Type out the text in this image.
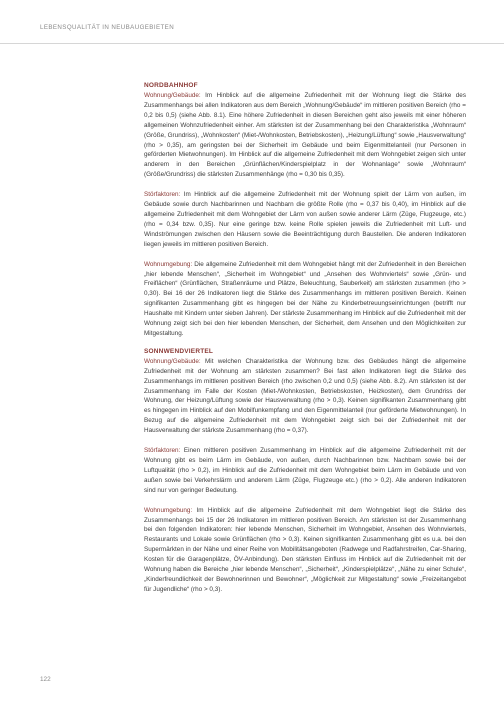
LEBENSQUALITÄT IN NEUBAUGEBIETEN
NORDBAHNHOF

Wohnung/Gebäude: Im Hinblick auf die allgemeine Zufriedenheit mit der Wohnung liegt die Stärke des Zusammenhangs bei allen Indikatoren aus dem Bereich „Wohnung/Gebäude“ im mittleren positiven Bereich (rho = 0,2 bis 0,5) (siehe Abb. 8.1). Eine höhere Zufriedenheit in diesen Bereichen geht also jeweils mit einer höheren allgemeinen Wohnzufriedenheit einher. Am stärksten ist der Zusammenhang bei den Charakteristika „Wohnraum“ (Größe, Grundriss), „Wohnkosten“ (Miet-/Wohnkosten, Betriebskosten), „Heizung/Lüftung“ sowie „Hausverwaltung“ (rho > 0,35), am geringsten bei der Sicherheit im Gebäude und beim Eigenmittelanteil (nur Personen in geförderten Mietwohnungen). Im Hinblick auf die allgemeine Zufriedenheit mit dem Wohngebiet zeigen sich unter anderem in den Bereichen „Grünflächen/Kinderspielplatz in der Wohnanlage“ sowie „Wohnraum“ (Größe/Grundriss) die stärksten Zusammenhänge (rho = 0,30 bis 0,35).

Störfaktoren: Im Hinblick auf die allgemeine Zufriedenheit mit der Wohnung spielt der Lärm von außen, im Gebäude sowie durch Nachbarinnen und Nachbarn die größte Rolle (rho = 0,37 bis 0,40), im Hinblick auf die allgemeine Zufriedenheit mit dem Wohngebiet der Lärm von außen sowie anderer Lärm (Züge, Flugzeuge, etc.) (rho = 0,34 bzw. 0,35). Nur eine geringe bzw. keine Rolle spielen jeweils die Zufriedenheit mit Luft- und Windströmungen zwischen den Häusern sowie die Beeinträchtigung durch Baustellen. Die anderen Indikatoren liegen jeweils im mittleren positiven Bereich.

Wohnumgebung: Die allgemeine Zufriedenheit mit dem Wohngebiet hängt mit der Zufriedenheit in den Bereichen „hier lebende Menschen“, „Sicherheit im Wohngebiet“ und „Ansehen des Wohnviertels“ sowie „Grün- und Freiflächen“ (Grünflächen, Straßenräume und Plätze, Beleuchtung, Sauberkeit) am stärksten zusammen (rho > 0,30). Bei 16 der 26 Indikatoren liegt die Stärke des Zusammenhangs im mittleren positiven Bereich. Keinen signifikanten Zusammenhang gibt es hingegen bei der Nähe zu Kinderbetreuungseinrichtungen (betrifft nur Haushalte mit Kindern unter sieben Jahren). Der stärkste Zusammenhang im Hinblick auf die Zufriedenheit mit der Wohnung zeigt sich bei den hier lebenden Menschen, der Sicherheit, dem Ansehen und den Möglichkeiten zur Mitgestaltung.

SONNWENDVIERTEL

Wohnung/Gebäude: Mit welchen Charakteristika der Wohnung bzw. des Gebäudes hängt die allgemeine Zufriedenheit mit der Wohnung am stärksten zusammen? Bei fast allen Indikatoren liegt die Stärke des Zusammenhangs im mittleren positiven Bereich (rho zwischen 0,2 und 0,5) (siehe Abb. 8.2). Am stärksten ist der Zusammenhang im Falle der Kosten (Miet-/Wohnkosten, Betriebskosten, Heizkosten), dem Grundriss der Wohnung, der Heizung/Lüftung sowie der Hausverwaltung (rho > 0,3). Keinen signifikanten Zusammenhang gibt es hingegen im Hinblick auf den Mobilfunkempfang und den Eigenmittelanteil (nur geförderte Mietwohnungen). In Bezug auf die allgemeine Zufriedenheit mit dem Wohngebiet zeigt sich bei der Zufriedenheit mit der Hausverwaltung der stärkste Zusammenhang (rho = 0,37).

Störfaktoren: Einen mittleren positiven Zusammenhang im Hinblick auf die allgemeine Zufriedenheit mit der Wohnung gibt es beim Lärm im Gebäude, von außen, durch Nachbarinnen bzw. Nachbarn sowie bei der Luftqualität (rho > 0,2), im Hinblick auf die Zufriedenheit mit dem Wohngebiet beim Lärm im Gebäude und von außen sowie bei Verkehrslärm und anderem Lärm (Züge, Flugzeuge etc.) (rho > 0,2). Alle anderen Indikatoren sind nur von geringer Bedeutung.

Wohnumgebung: Im Hinblick auf die allgemeine Zufriedenheit mit dem Wohngebiet liegt die Stärke des Zusammenhangs bei 15 der 26 Indikatoren im mittleren positiven Bereich. Am stärksten ist der Zusammenhang bei den folgenden Indikatoren: hier lebende Menschen, Sicherheit im Wohngebiet, Ansehen des Wohnviertels, Restaurants und Lokale sowie Grünflächen (rho > 0,3). Keinen signifikanten Zusammenhang gibt es u.a. bei den Supermärkten in der Nähe und einer Reihe von Mobilitätsangeboten (Radwege und Radfahrstreifen, Car-Sharing, Kosten für die Garagenplätze, ÖV-Anbindung). Den stärksten Einfluss im Hinblick auf die Zufriedenheit mit der Wohnung haben die Bereiche „hier lebende Menschen“, „Sicherheit“, „Kinderspielplätze“, „Nähe zu einer Schule“, „Kinderfreundlichkeit der Bewohnerinnen und Bewohner“, „Möglichkeit zur Mitgestaltung“ sowie „Freizeitangebot für Jugendliche“ (rho > 0,3).

122
